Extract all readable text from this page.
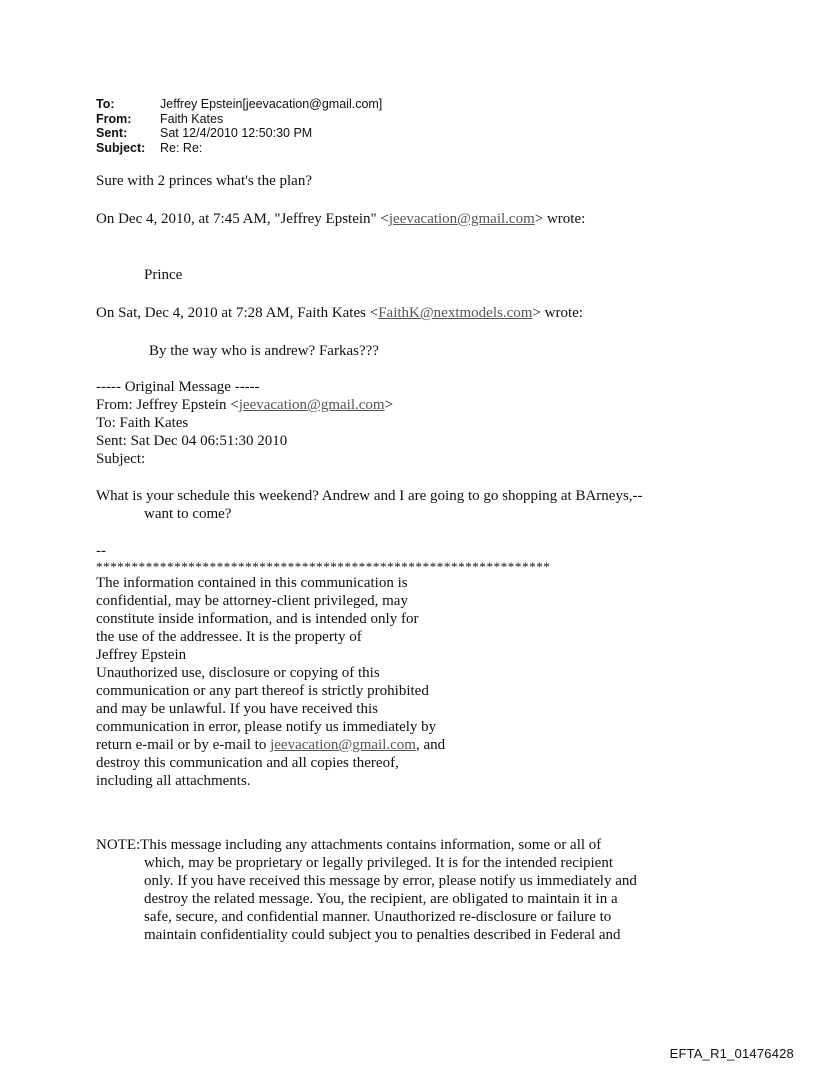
To:	Jeffrey Epstein[jeevacation@gmail.com]
From:	Faith Kates
Sent:	Sat 12/4/2010 12:50:30 PM
Subject:	Re: Re:
Sure with 2 princes what's the plan?
On Dec 4, 2010, at 7:45 AM, "Jeffrey Epstein" <jeevacation@gmail.com> wrote:
Prince
On Sat, Dec 4, 2010 at 7:28 AM, Faith Kates <FaithK@nextmodels.com> wrote:
By the way who is andrew? Farkas???
----- Original Message -----
From: Jeffrey Epstein <jeevacation@gmail.com>
To: Faith Kates
Sent: Sat Dec 04 06:51:30 2010
Subject:
What is your schedule this weekend? Andrew and I are going to go shopping at BArneys,--
want to come?
--
****************************************************************
The information contained in this communication is
confidential, may be attorney-client privileged, may
constitute inside information, and is intended only for
the use of the addressee. It is the property of
Jeffrey Epstein
Unauthorized use, disclosure or copying of this
communication or any part thereof is strictly prohibited
and may be unlawful. If you have received this
communication in error, please notify us immediately by
return e-mail or by e-mail to jeevacation@gmail.com, and
destroy this communication and all copies thereof,
including all attachments.
NOTE:This message including any attachments contains information, some or all of
which, may be proprietary or legally privileged. It is for the intended recipient
only. If you have received this message by error, please notify us immediately and
destroy the related message. You, the recipient, are obligated to maintain it in a
safe, secure, and confidential manner. Unauthorized re-disclosure or failure to
maintain confidentiality could subject you to penalties described in Federal and
EFTA_R1_01476428
